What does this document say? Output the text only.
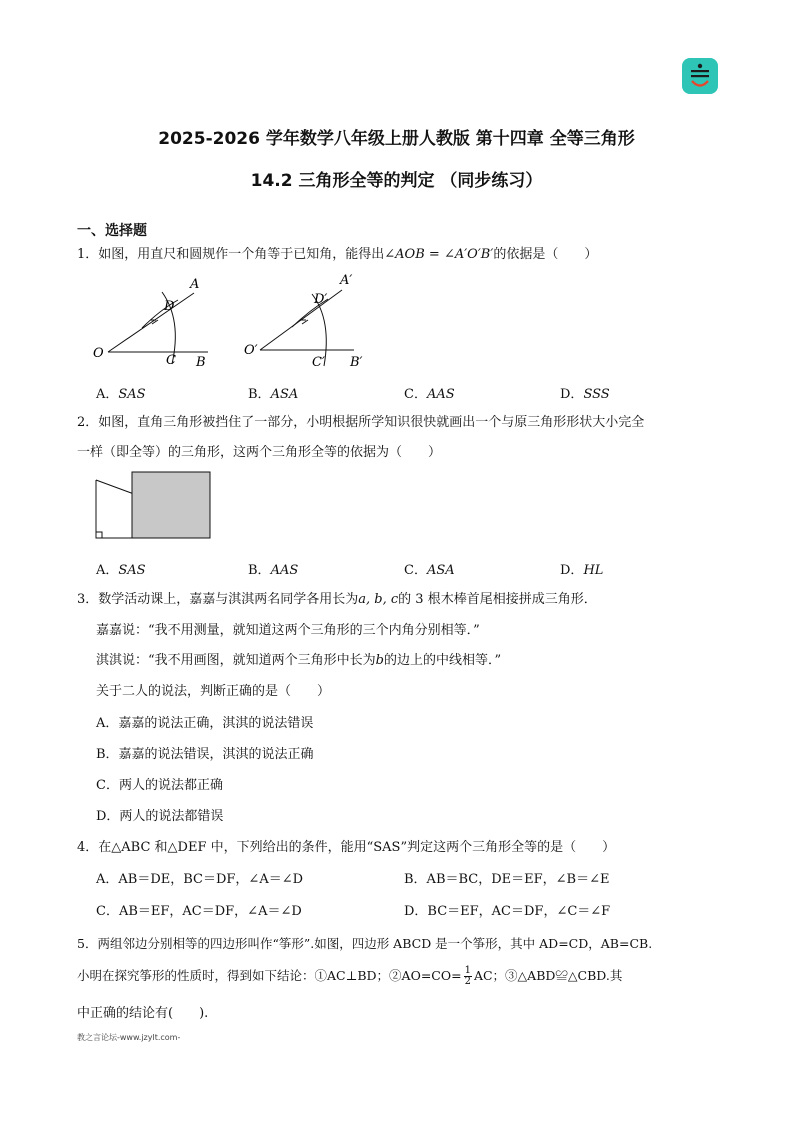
2025-2026 学年数学八年级上册人教版 第十四章 全等三角形
14.2 三角形全等的判定 （同步练习）
一、选择题
1．如图，用直尺和圆规作一个角等于已知角，能得出∠AOB = ∠A′O′B′的依据是（　　）
O
A
B
C
D
O′
A′
B′
C′
D′
A．SAS	B．ASA	C．AAS	D．SSS
2．如图，直角三角形被挡住了一部分，小明根据所学知识很快就画出一个与原三角形形状大小完全
一样（即全等）的三角形，这两个三角形全等的依据为（　　）
A．SAS	B．AAS	C．ASA	D．HL
3．数学活动课上，嘉嘉与淇淇两名同学各用长为a, b, c的 3 根木棒首尾相接拼成三角形．
嘉嘉说：“我不用测量，就知道这两个三角形的三个内角分别相等．”
淇淇说：“我不用画图，就知道两个三角形中长为b的边上的中线相等．”
关于二人的说法，判断正确的是（　　）
A．嘉嘉的说法正确，淇淇的说法错误
B．嘉嘉的说法错误，淇淇的说法正确
C．两人的说法都正确
D．两人的说法都错误
4．在△ABC 和△DEF 中，下列给出的条件，能用“SAS”判定这两个三角形全等的是（　　）
A．AB＝DE，BC＝DF，∠A＝∠D	B．AB＝BC，DE＝EF，∠B＝∠E
C．AB＝EF，AC＝DF，∠A＝∠D	D．BC＝EF，AC＝DF，∠C＝∠F
5．两组邻边分别相等的四边形叫作“筝形”.如图，四边形 ABCD 是一个筝形，其中 AD=CD，AB=CB.
小明在探究筝形的性质时，得到如下结论：①AC⊥BD；②AO=CO= $\frac{1}{2}$ AC；③△ABD≌△CBD.其
中正确的结论有(　　).
教之言论坛-www.jzylt.com-
